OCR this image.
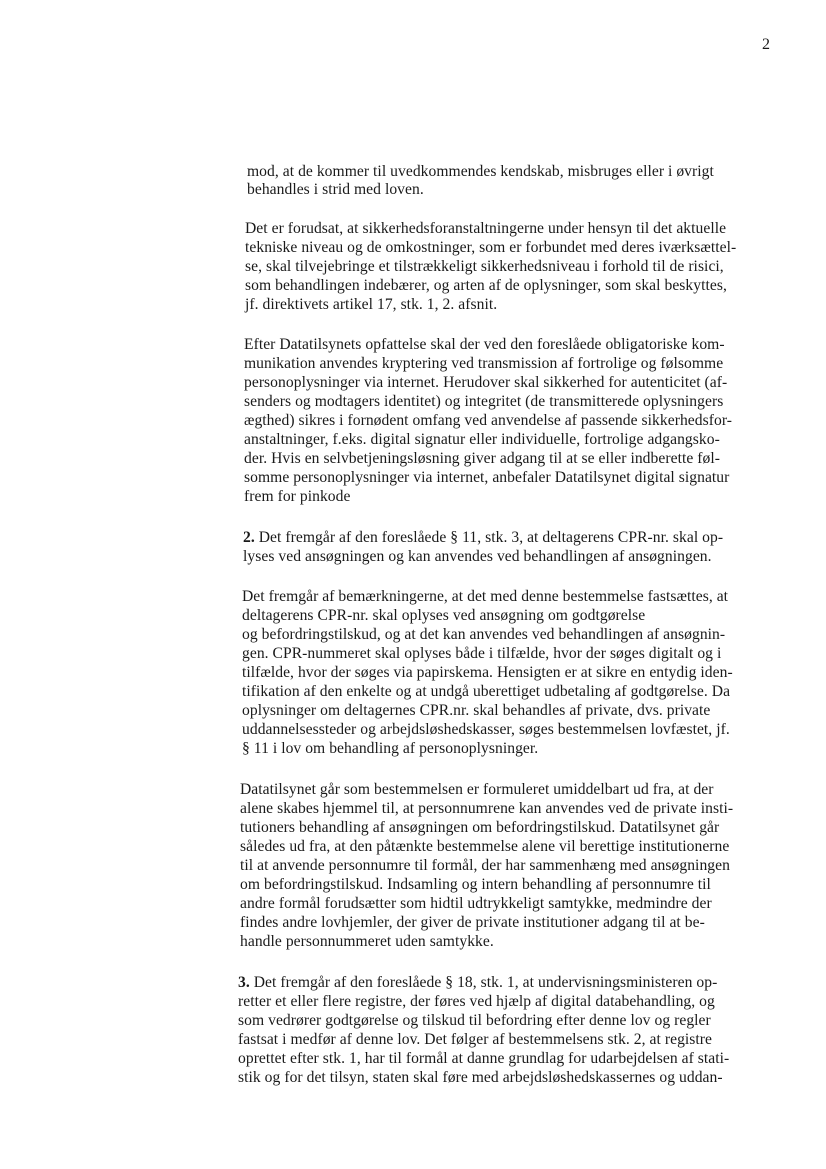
2
mod, at de kommer til uvedkommendes kendskab, misbruges eller i øvrigt
behandles i strid med loven.
Det er forudsat, at sikkerhedsforanstaltningerne under hensyn til det aktuelle
tekniske niveau og de omkostninger, som er forbundet med deres iværksættel-
se, skal tilvejebringe et tilstrækkeligt sikkerhedsniveau i forhold til de risici,
som behandlingen indebærer, og arten af de oplysninger, som skal beskyttes,
jf. direktivets artikel 17, stk. 1, 2. afsnit.
Efter Datatilsynets opfattelse skal der ved den foreslåede obligatoriske kom-
munikation anvendes kryptering ved transmission af fortrolige og følsomme
personoplysninger via internet. Herudover skal sikkerhed for autenticitet (af-
senders og modtagers identitet) og integritet (de transmitterede oplysningers
ægthed) sikres i fornødent omfang ved anvendelse af passende sikkerhedsfor-
anstaltninger, f.eks. digital signatur eller individuelle, fortrolige adgangsko-
der. Hvis en selvbetjeningsløsning giver adgang til at se eller indberette føl-
somme personoplysninger via internet, anbefaler Datatilsynet digital signatur
frem for pinkode
2. Det fremgår af den foreslåede § 11, stk. 3, at deltagerens CPR-nr. skal op-
lyses ved ansøgningen og kan anvendes ved behandlingen af ansøgningen.
Det fremgår af bemærkningerne, at det med denne bestemmelse fastsættes, at
deltagerens CPR-nr. skal oplyses ved ansøgning om godtgørelse
og befordringstilskud, og at det kan anvendes ved behandlingen af ansøgnin-
gen. CPR-nummeret skal oplyses både i tilfælde, hvor der søges digitalt og i
tilfælde, hvor der søges via papirskema. Hensigten er at sikre en entydig iden-
tifikation af den enkelte og at undgå uberettiget udbetaling af godtgørelse. Da
oplysninger om deltagernes CPR.nr. skal behandles af private, dvs. private
uddannelsessteder og arbejdsløshedskasser, søges bestemmelsen lovfæstet, jf.
§ 11 i lov om behandling af personoplysninger.
Datatilsynet går som bestemmelsen er formuleret umiddelbart ud fra, at der
alene skabes hjemmel til, at personnumrene kan anvendes ved de private insti-
tutioners behandling af ansøgningen om befordringstilskud. Datatilsynet går
således ud fra, at den påtænkte bestemmelse alene vil berettige institutionerne
til at anvende personnumre til formål, der har sammenhæng med ansøgningen
om befordringstilskud. Indsamling og intern behandling af personnumre til
andre formål forudsætter som hidtil udtrykkeligt samtykke, medmindre der
findes andre lovhjemler, der giver de private institutioner adgang til at be-
handle personnummeret uden samtykke.
3. Det fremgår af den foreslåede § 18, stk. 1, at undervisningsministeren op-
retter et eller flere registre, der føres ved hjælp af digital databehandling, og
som vedrører godtgørelse og tilskud til befordring efter denne lov og regler
fastsat i medfør af denne lov. Det følger af bestemmelsens stk. 2, at registre
oprettet efter stk. 1, har til formål at danne grundlag for udarbejdelsen af stati-
stik og for det tilsyn, staten skal føre med arbejdsløshedskassernes og uddan-
